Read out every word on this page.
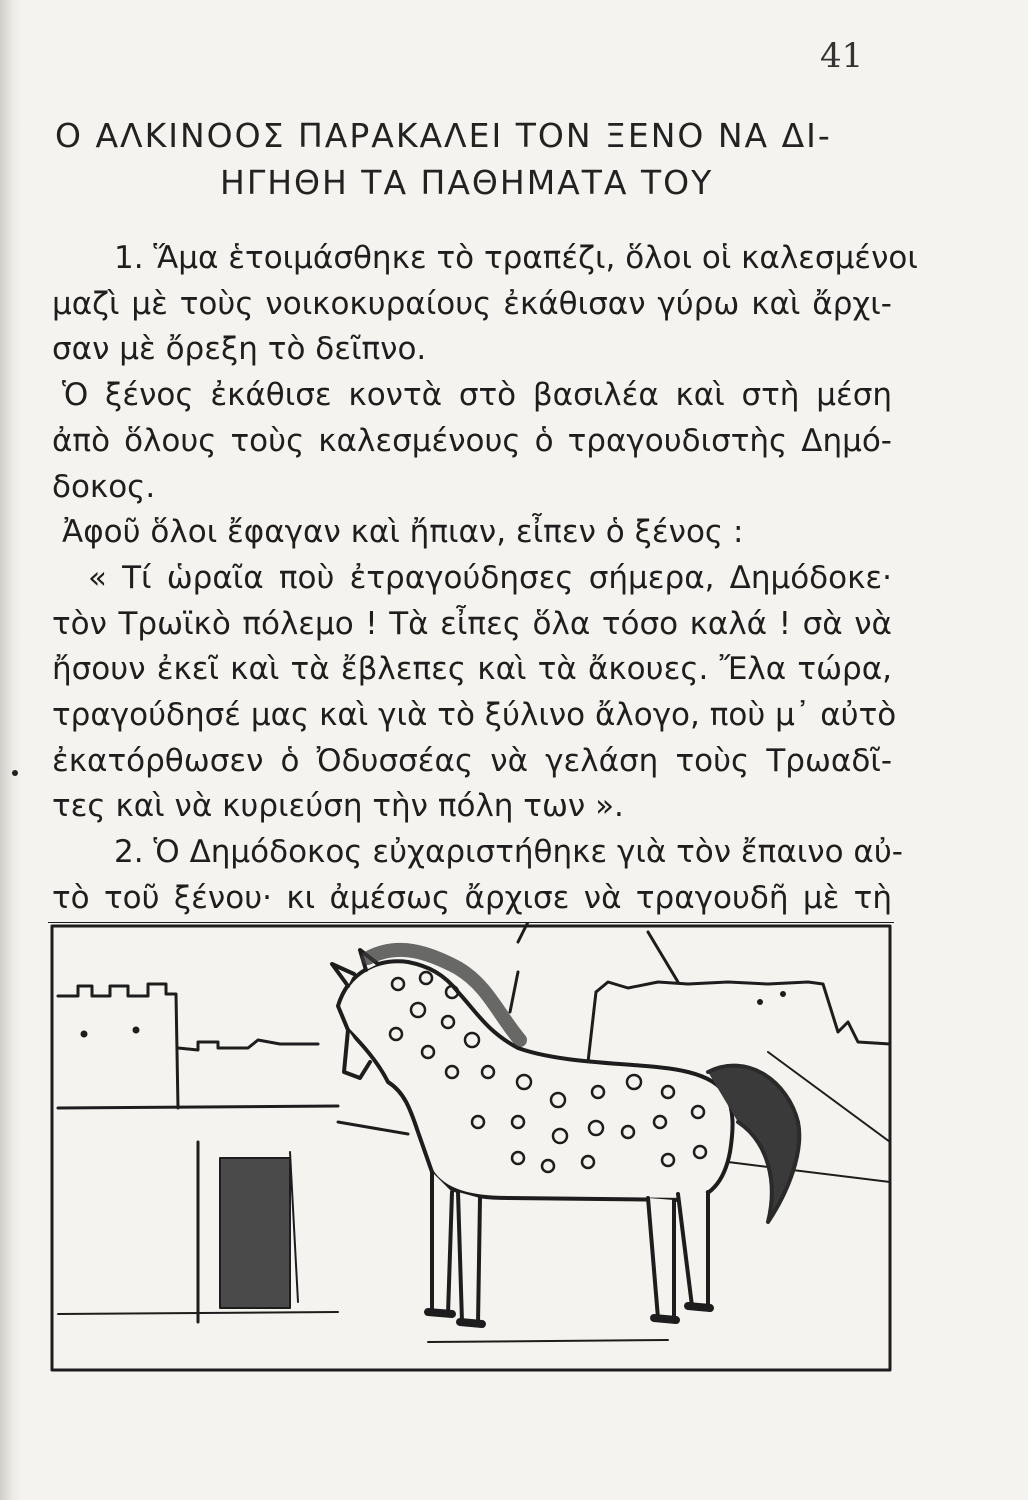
41
Ο ΑΛΚΙΝΟΟΣ ΠΑΡΑΚΑΛΕΙ ΤΟΝ ΞΕΝΟ ΝΑ ΔΙ-
ΗΓΗΘΗ ΤΑ ΠΑΘΗΜΑΤΑ ΤΟΥ
1. Ἅμα ἑτοιμάσθηκε τὸ τραπέζι, ὅλοι οἱ καλεσμένοι
μαζὶ μὲ τοὺς νοικοκυραίους ἐκάθισαν γύρω καὶ ἄρχι-
σαν μὲ ὄρεξη τὸ δεῖπνο.
Ὁ ξένος ἐκάθισε κοντὰ στὸ βασιλέα καὶ στὴ μέση
ἀπὸ ὅλους τοὺς καλεσμένους ὁ τραγουδιστὴς Δημό-
δοκος.
Ἀφοῦ ὅλοι ἔφαγαν καὶ ἤπιαν, εἶπεν ὁ ξένος :
« Τί ὡραῖα ποὺ ἐτραγούδησες σήμερα, Δημόδοκε·
τὸν Τρωϊκὸ πόλεμο ! Τὰ εἶπες ὅλα τόσο καλά ! σὰ νὰ
ἤσουν ἐκεῖ καὶ τὰ ἔβλεπες καὶ τὰ ἄκουες. Ἔλα τώρα,
τραγούδησέ μας καὶ γιὰ τὸ ξύλινο ἄλογο, ποὺ μ᾽ αὐτὸ
ἐκατόρθωσεν ὁ Ὀδυσσέας νὰ γελάση τοὺς Τρωαδῖ-
τες καὶ νὰ κυριεύση τὴν πόλη των ».
2. Ὁ Δημόδοκος εὐχαριστήθηκε γιὰ τὸν ἔπαινο αὐ-
τὸ τοῦ ξένου· κι ἀμέσως ἄρχισε νὰ τραγουδῆ μὲ τὴ
